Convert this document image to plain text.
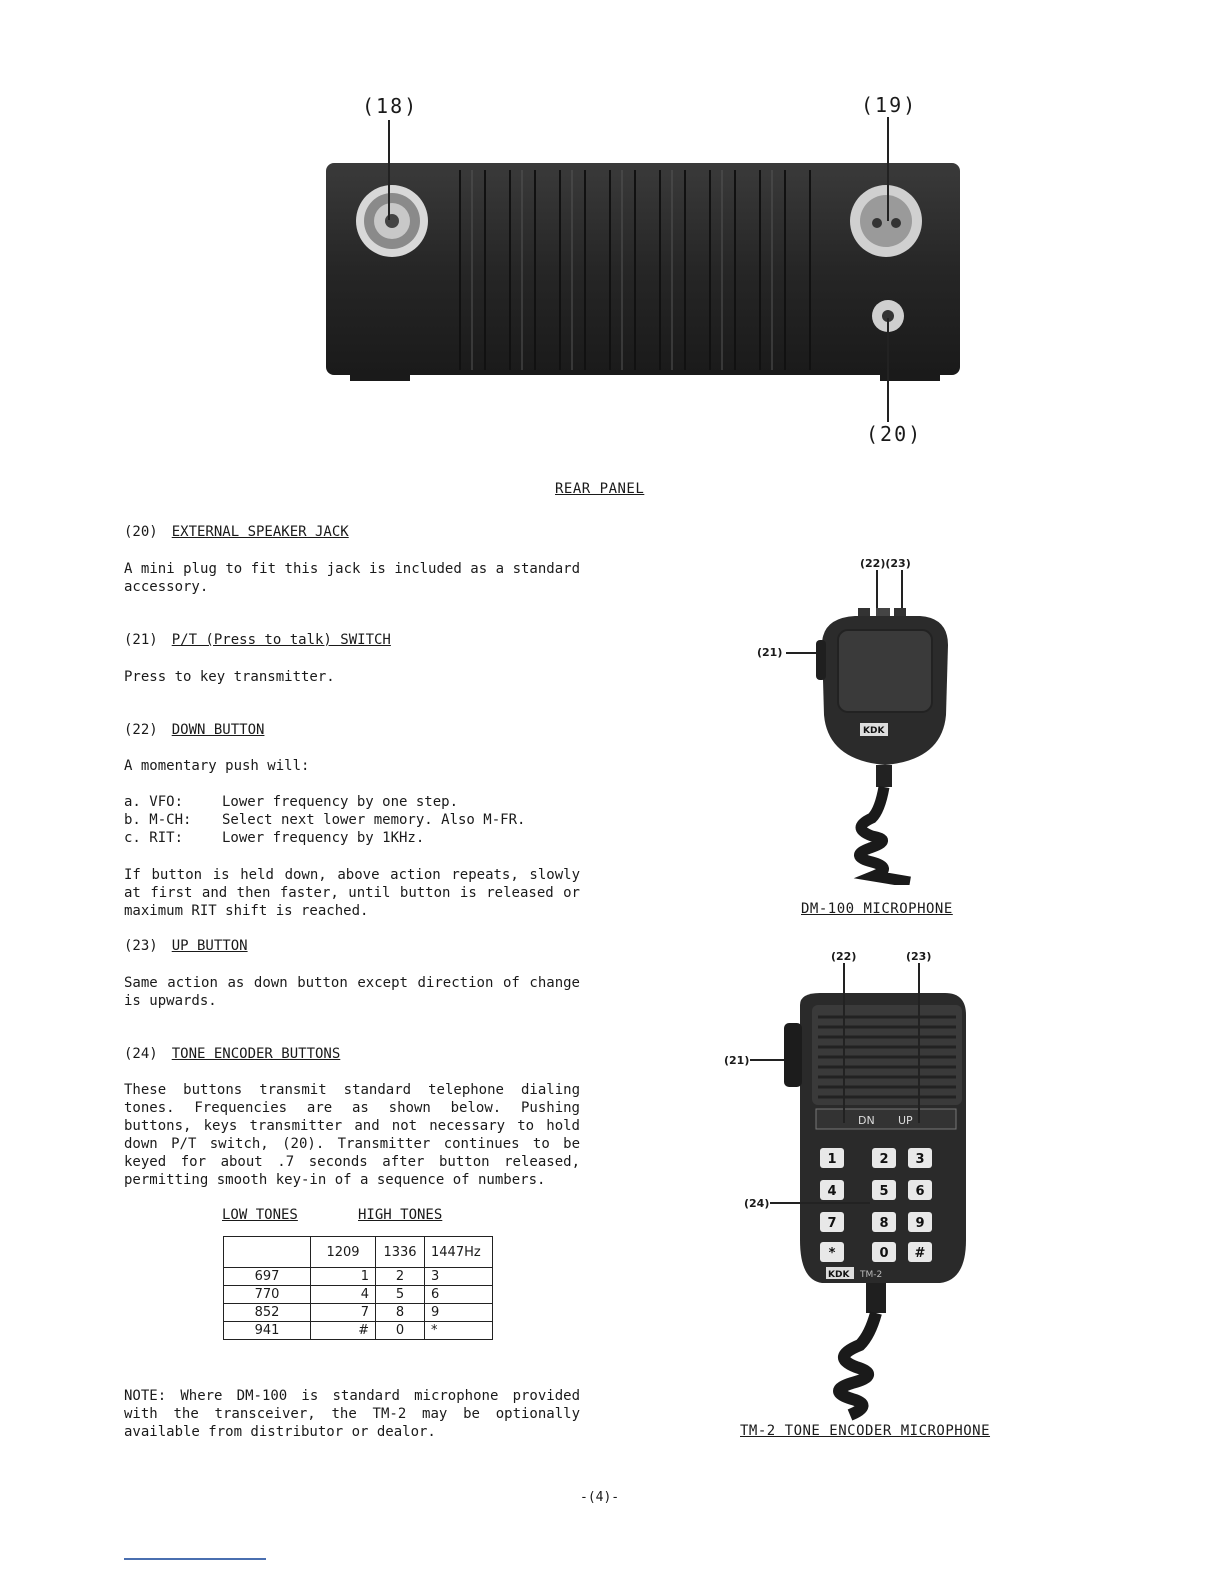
(18)	(19)
(20)
REAR PANEL
(20) EXTERNAL SPEAKER JACK
A mini plug to fit this jack is included as a standard accessory.
(21) P/T (Press to talk) SWITCH
Press to key transmitter.
(22) DOWN BUTTON
A momentary push will:
a. VFO:	Lower frequency by one step.
b. M-CH:	Select next lower memory. Also M-FR.
c. RIT:	Lower frequency by 1KHz.
If button is held down, above action repeats, slowly at first and then faster, until button is released or maximum RIT shift is reached.
(23) UP BUTTON
Same action as down button except direction of change is upwards.
(24) TONE ENCODER BUTTONS
These buttons transmit standard telephone dialing tones. Frequencies are as shown below. Pushing buttons, keys transmitter and not necessary to hold down P/T switch, (20). Transmitter continues to be keyed for about .7 seconds after button released, permitting smooth key-in of a sequence of numbers.
LOW TONES	HIGH TONES
	1209	1336	1447Hz
697	1	2	3
770	4	5	6
852	7	8	9
941	#	0	*
NOTE: Where DM-100 is standard microphone provided with the transceiver, the TM-2 may be optionally available from distributor or dealor.
(22)(23)
(21)
KDK
DM-100 MICROPHONE
(22)	(23)
(21)
(24)
DN UP
1	2 3
4	5 6
7	8 9
*	0 #
KDK TM-2
TM-2 TONE ENCODER MICROPHONE
-(4)-
